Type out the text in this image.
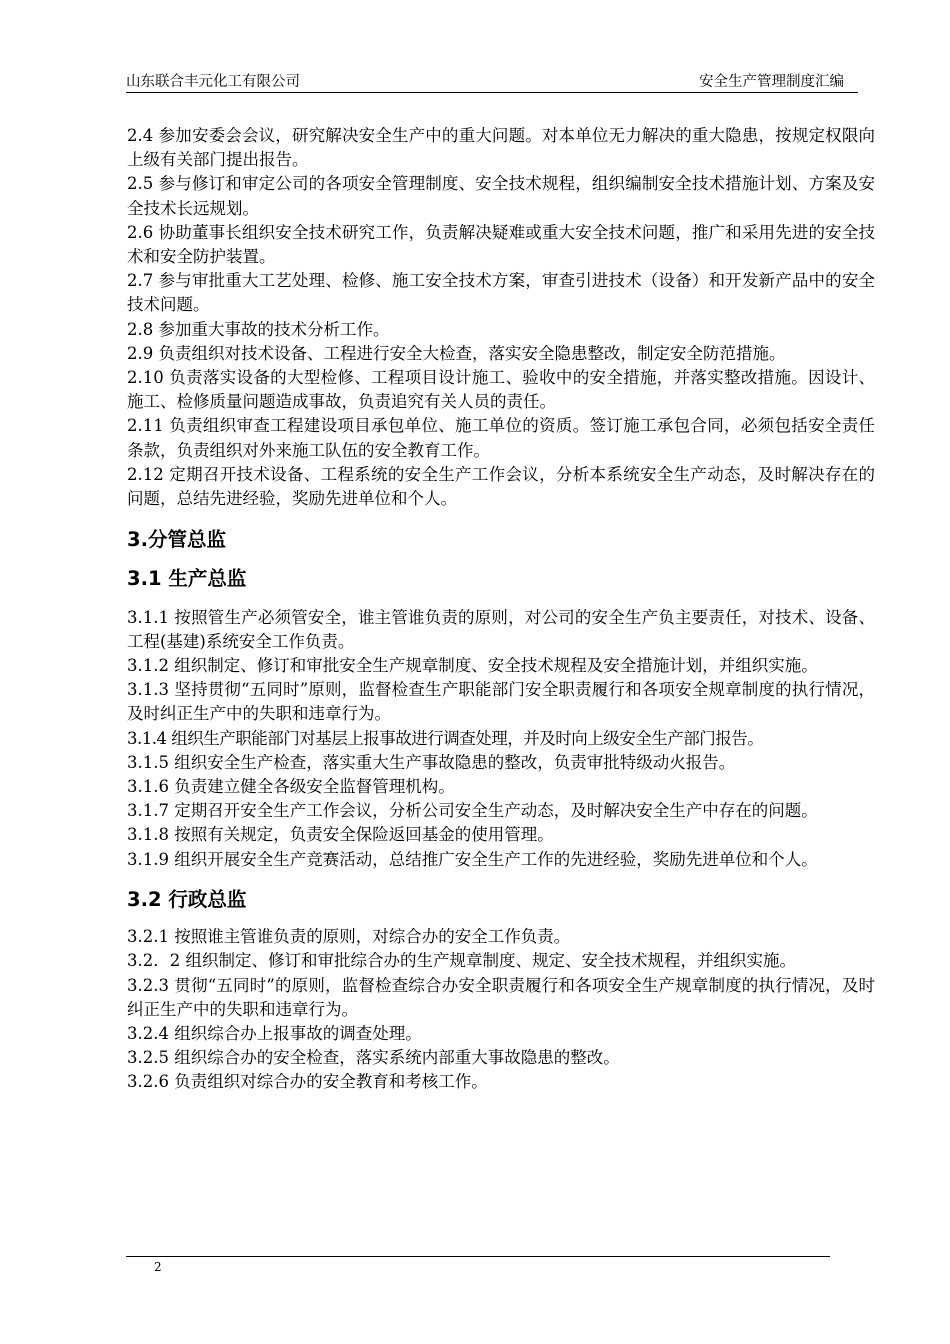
山东联合丰元化工有限公司	安全生产管理制度汇编

2.4 参加安委会会议，研究解决安全生产中的重大问题。对本单位无力解决的重大隐患，按规定权限向上级有关部门提出报告。

2.5 参与修订和审定公司的各项安全管理制度、安全技术规程，组织编制安全技术措施计划、方案及安全技术长远规划。

2.6 协助董事长组织安全技术研究工作，负责解决疑难或重大安全技术问题，推广和采用先进的安全技术和安全防护装置。

2.7 参与审批重大工艺处理、检修、施工安全技术方案，审查引进技术（设备）和开发新产品中的安全技术问题。

2.8 参加重大事故的技术分析工作。

2.9 负责组织对技术设备、工程进行安全大检查，落实安全隐患整改，制定安全防范措施。

2.10 负责落实设备的大型检修、工程项目设计施工、验收中的安全措施，并落实整改措施。因设计、施工、检修质量问题造成事故，负责追究有关人员的责任。

2.11 负责组织审查工程建设项目承包单位、施工单位的资质。签订施工承包合同，必须包括安全责任条款，负责组织对外来施工队伍的安全教育工作。

2.12 定期召开技术设备、工程系统的安全生产工作会议，分析本系统安全生产动态，及时解决存在的问题，总结先进经验，奖励先进单位和个人。

3.分管总监
3.1 生产总监

3.1.1 按照管生产必须管安全，谁主管谁负责的原则，对公司的安全生产负主要责任，对技术、设备、工程(基建)系统安全工作负责。

3.1.2 组织制定、修订和审批安全生产规章制度、安全技术规程及安全措施计划，并组织实施。

3.1.3 坚持贯彻“五同时”原则，监督检查生产职能部门安全职责履行和各项安全规章制度的执行情况，及时纠正生产中的失职和违章行为。

3.1.4 组织生产职能部门对基层上报事故进行调查处理，并及时向上级安全生产部门报告。

3.1.5 组织安全生产检查，落实重大生产事故隐患的整改，负责审批特级动火报告。

3.1.6 负责建立健全各级安全监督管理机构。

3.1.7 定期召开安全生产工作会议，分析公司安全生产动态，及时解决安全生产中存在的问题。

3.1.8 按照有关规定，负责安全保险返回基金的使用管理。

3.1.9 组织开展安全生产竞赛活动，总结推广安全生产工作的先进经验，奖励先进单位和个人。

3.2 行政总监

3.2.1 按照谁主管谁负责的原则，对综合办的安全工作负责。

3.2．2 组织制定、修订和审批综合办的生产规章制度、规定、安全技术规程，并组织实施。

3.2.3 贯彻“五同时”的原则，监督检查综合办安全职责履行和各项安全生产规章制度的执行情况，及时纠正生产中的失职和违章行为。

3.2.4 组织综合办上报事故的调查处理。

3.2.5 组织综合办的安全检查，落实系统内部重大事故隐患的整改。

3.2.6 负责组织对综合办的安全教育和考核工作。

2
